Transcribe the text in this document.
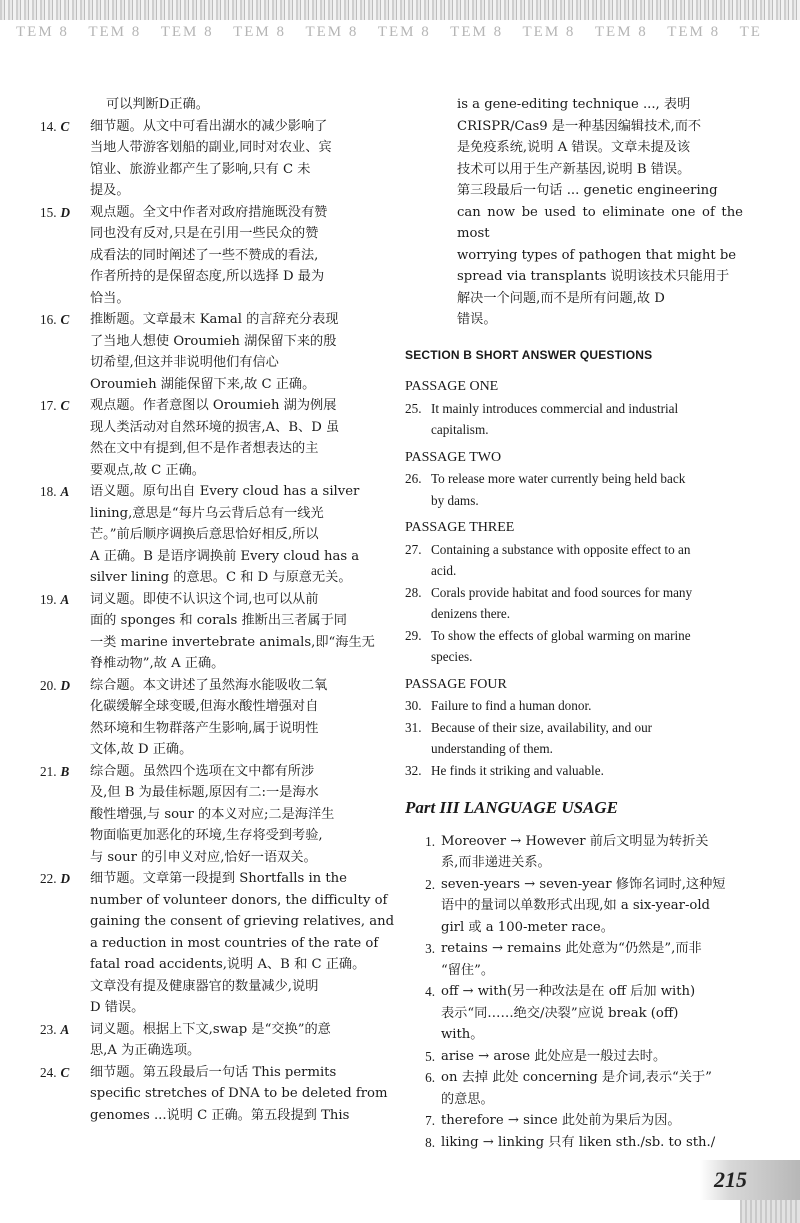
TEM 8	TEM 8	TEM 8	TEM 8	TEM 8	TEM 8	TEM 8	TEM 8	TEM 8	TEM 8	TE
可以判断D正确。
14. C	细节题。从文中可看出湖水的减少影响了
当地人带游客划船的副业,同时对农业、宾
馆业、旅游业都产生了影响,只有 C 未
提及。
15. D	观点题。全文中作者对政府措施既没有赞
同也没有反对,只是在引用一些民众的赞
成看法的同时阐述了一些不赞成的看法,
作者所持的是保留态度,所以选择 D 最为
恰当。
16. C	推断题。文章最末 Kamal 的言辞充分表现
了当地人想使 Oroumieh 湖保留下来的殷
切希望,但这并非说明他们有信心
Oroumieh 湖能保留下来,故 C 正确。
17. C	观点题。作者意图以 Oroumieh 湖为例展
现人类活动对自然环境的损害,A、B、D 虽
然在文中有提到,但不是作者想表达的主
要观点,故 C 正确。
18. A	语义题。原句出自 Every cloud has a silver
lining,意思是“每片乌云背后总有一线光
芒。”前后顺序调换后意思恰好相反,所以
A 正确。B 是语序调换前 Every cloud has a
silver lining 的意思。C 和 D 与原意无关。
19. A	词义题。即使不认识这个词,也可以从前
面的 sponges 和 corals 推断出三者属于同
一类 marine invertebrate animals,即“海生无
脊椎动物”,故 A 正确。
20. D	综合题。本文讲述了虽然海水能吸收二氧
化碳缓解全球变暖,但海水酸性增强对自
然环境和生物群落产生影响,属于说明性
文体,故 D 正确。
21. B	综合题。虽然四个选项在文中都有所涉
及,但 B 为最佳标题,原因有二:一是海水
酸性增强,与 sour 的本义对应;二是海洋生
物面临更加恶化的环境,生存将受到考验,
与 sour 的引申义对应,恰好一语双关。
22. D	细节题。文章第一段提到 Shortfalls in the
number of volunteer donors, the difficulty of
gaining the consent of grieving relatives, and
a reduction in most countries of the rate of
fatal road accidents,说明 A、B 和 C 正确。
文章没有提及健康器官的数量减少,说明
D 错误。
23. A	词义题。根据上下文,swap 是“交换”的意
思,A 为正确选项。
24. C	细节题。第五段最后一句话 This permits
specific stretches of DNA to be deleted from
genomes ...说明 C 正确。第五段提到 This
is a gene-editing technique ..., 表明
CRISPR/Cas9 是一种基因编辑技术,而不
是免疫系统,说明 A 错误。文章未提及该
技术可以用于生产新基因,说明 B 错误。
第三段最后一句话 ... genetic engineering
can now be used to eliminate one of the most
worrying types of pathogen that might be
spread via transplants 说明该技术只能用于
解决一个问题,而不是所有问题,故 D
错误。
SECTION B SHORT ANSWER QUESTIONS
PASSAGE ONE
25. It mainly introduces commercial and industrial
capitalism.
PASSAGE TWO
26. To release more water currently being held back
by dams.
PASSAGE THREE
27. Containing a substance with opposite effect to an
acid.
28. Corals provide habitat and food sources for many
denizens there.
29. To show the effects of global warming on marine
species.
PASSAGE FOUR
30. Failure to find a human donor.
31. Because of their size, availability, and our
understanding of them.
32. He finds it striking and valuable.
Part III LANGUAGE USAGE
1. Moreover → However 前后文明显为转折关
系,而非递进关系。
2. seven-years → seven-year 修饰名词时,这种短
语中的量词以单数形式出现,如 a six-year-old
girl 或 a 100-meter race。
3. retains → remains 此处意为“仍然是”,而非
“留住”。
4. off → with(另一种改法是在 off 后加 with)
表示“同……绝交/决裂”应说 break (off)
with。
5. arise → arose 此处应是一般过去时。
6. on 去掉 此处 concerning 是介词,表示“关于”
的意思。
7. therefore → since 此处前为果后为因。
8. liking → linking 只有 liken sth./sb. to sth./
215
